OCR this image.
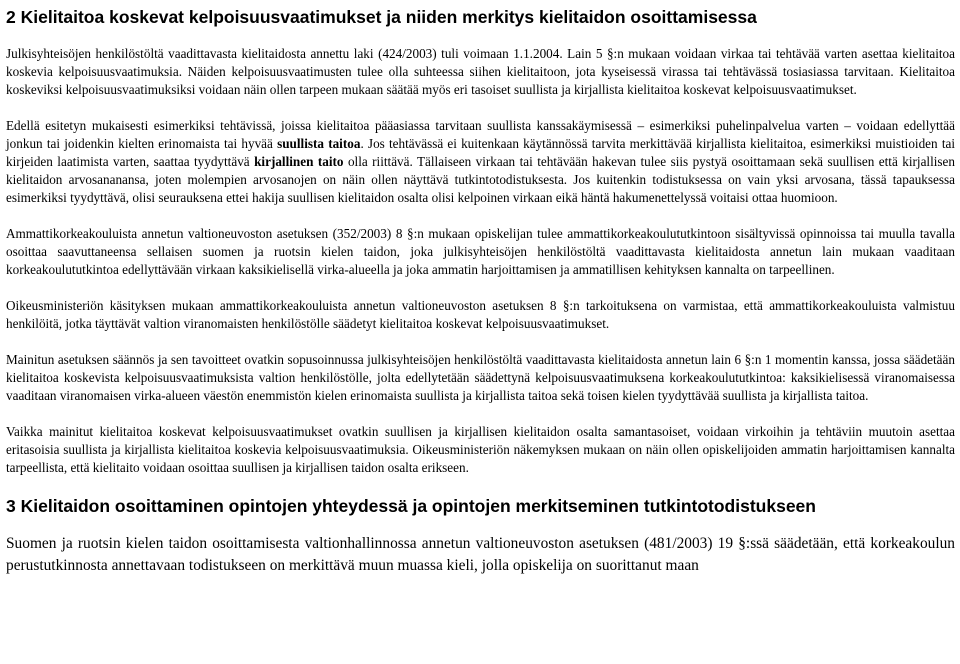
2 Kielitaitoa koskevat kelpoisuusvaatimukset ja niiden merkitys kielitaidon osoittamisessa

Julkisyhteisöjen henkilöstöltä vaadittavasta kielitaidosta annettu laki (424/2003) tuli voimaan 1.1.2004. Lain 5 §:n mukaan voidaan virkaa tai tehtävää varten asettaa kielitaitoa koskevia kelpoisuusvaatimuksia. Näiden kelpoisuusvaatimusten tulee olla suhteessa siihen kielitaitoon, jota kyseisessä virassa tai tehtävässä tosiasiassa tarvitaan. Kielitaitoa koskeviksi kelpoisuusvaatimuksiksi voidaan näin ollen tarpeen mukaan säätää myös eri tasoiset suullista ja kirjallista kielitaitoa koskevat kelpoisuusvaatimukset.

Edellä esitetyn mukaisesti esimerkiksi tehtävissä, joissa kielitaitoa pääasiassa tarvitaan suullista kanssakäymisessä – esimerkiksi puhelinpalvelua varten – voidaan edellyttää jonkun tai joidenkin kielten erinomaista tai hyvää suullista taitoa. Jos tehtävässä ei kuitenkaan käytännössä tarvita merkittävää kirjallista kielitaitoa, esimerkiksi muistioiden tai kirjeiden laatimista varten, saattaa tyydyttävä kirjallinen taito olla riittävä. Tällaiseen virkaan tai tehtävään hakevan tulee siis pystyä osoittamaan sekä suullisen että kirjallisen kielitaidon arvosananansa, joten molempien arvosanojen on näin ollen näyttävä tutkintotodistuksesta. Jos kuitenkin todistuksessa on vain yksi arvosana, tässä tapauksessa esimerkiksi tyydyttävä, olisi seurauksena ettei hakija suullisen kielitaidon osalta olisi kelpoinen virkaan eikä häntä hakumenettelyssä voitaisi ottaa huomioon.

Ammattikorkeakouluista annetun valtioneuvoston asetuksen (352/2003) 8 §:n mukaan opiskelijan tulee ammattikorkeakoulututkintoon sisältyvissä opinnoissa tai muulla tavalla osoittaa saavuttaneensa sellaisen suomen ja ruotsin kielen taidon, joka julkisyhteisöjen henkilöstöltä vaadittavasta kielitaidosta annetun lain mukaan vaaditaan korkeakoulututkintoa edellyttävään virkaan kaksikielisellä virka-alueella ja joka ammatin harjoittamisen ja ammatillisen kehityksen kannalta on tarpeellinen.

Oikeusministeriön käsityksen mukaan ammattikorkeakouluista annetun valtioneuvoston asetuksen 8 §:n tarkoituksena on varmistaa, että ammattikorkeakouluista valmistuu henkilöitä, jotka täyttävät valtion viranomaisten henkilöstölle säädetyt kielitaitoa koskevat kelpoisuusvaatimukset.

Mainitun asetuksen säännös ja sen tavoitteet ovatkin sopusoinnussa julkisyhteisöjen henkilöstöltä vaadittavasta kielitaidosta annetun lain 6 §:n 1 momentin kanssa, jossa säädetään kielitaitoa koskevista kelpoisuusvaatimuksista valtion henkilöstölle, jolta edellytetään säädettynä kelpoisuusvaatimuksena korkeakoulututkintoa: kaksikielisessä viranomaisessa vaaditaan viranomaisen virka-alueen väestön enemmistön kielen erinomaista suullista ja kirjallista taitoa sekä toisen kielen tyydyttävää suullista ja kirjallista taitoa.

Vaikka mainitut kielitaitoa koskevat kelpoisuusvaatimukset ovatkin suullisen ja kirjallisen kielitaidon osalta samantasoiset, voidaan virkoihin ja tehtäviin muutoin asettaa eritasoisia suullista ja kirjallista kielitaitoa koskevia kelpoisuusvaatimuksia. Oikeusministeriön näkemyksen mukaan on näin ollen opiskelijoiden ammatin harjoittamisen kannalta tarpeellista, että kielitaito voidaan osoittaa suullisen ja kirjallisen taidon osalta erikseen.

3 Kielitaidon osoittaminen opintojen yhteydessä ja opintojen merkitseminen tutkintotodistukseen

Suomen ja ruotsin kielen taidon osoittamisesta valtionhallinnossa annetun valtioneuvoston asetuksen (481/2003) 19 §:ssä säädetään, että korkeakoulun perustutkinnosta annettavaan todistukseen on merkittävä muun muassa kieli, jolla opiskelija on suorittanut maan
